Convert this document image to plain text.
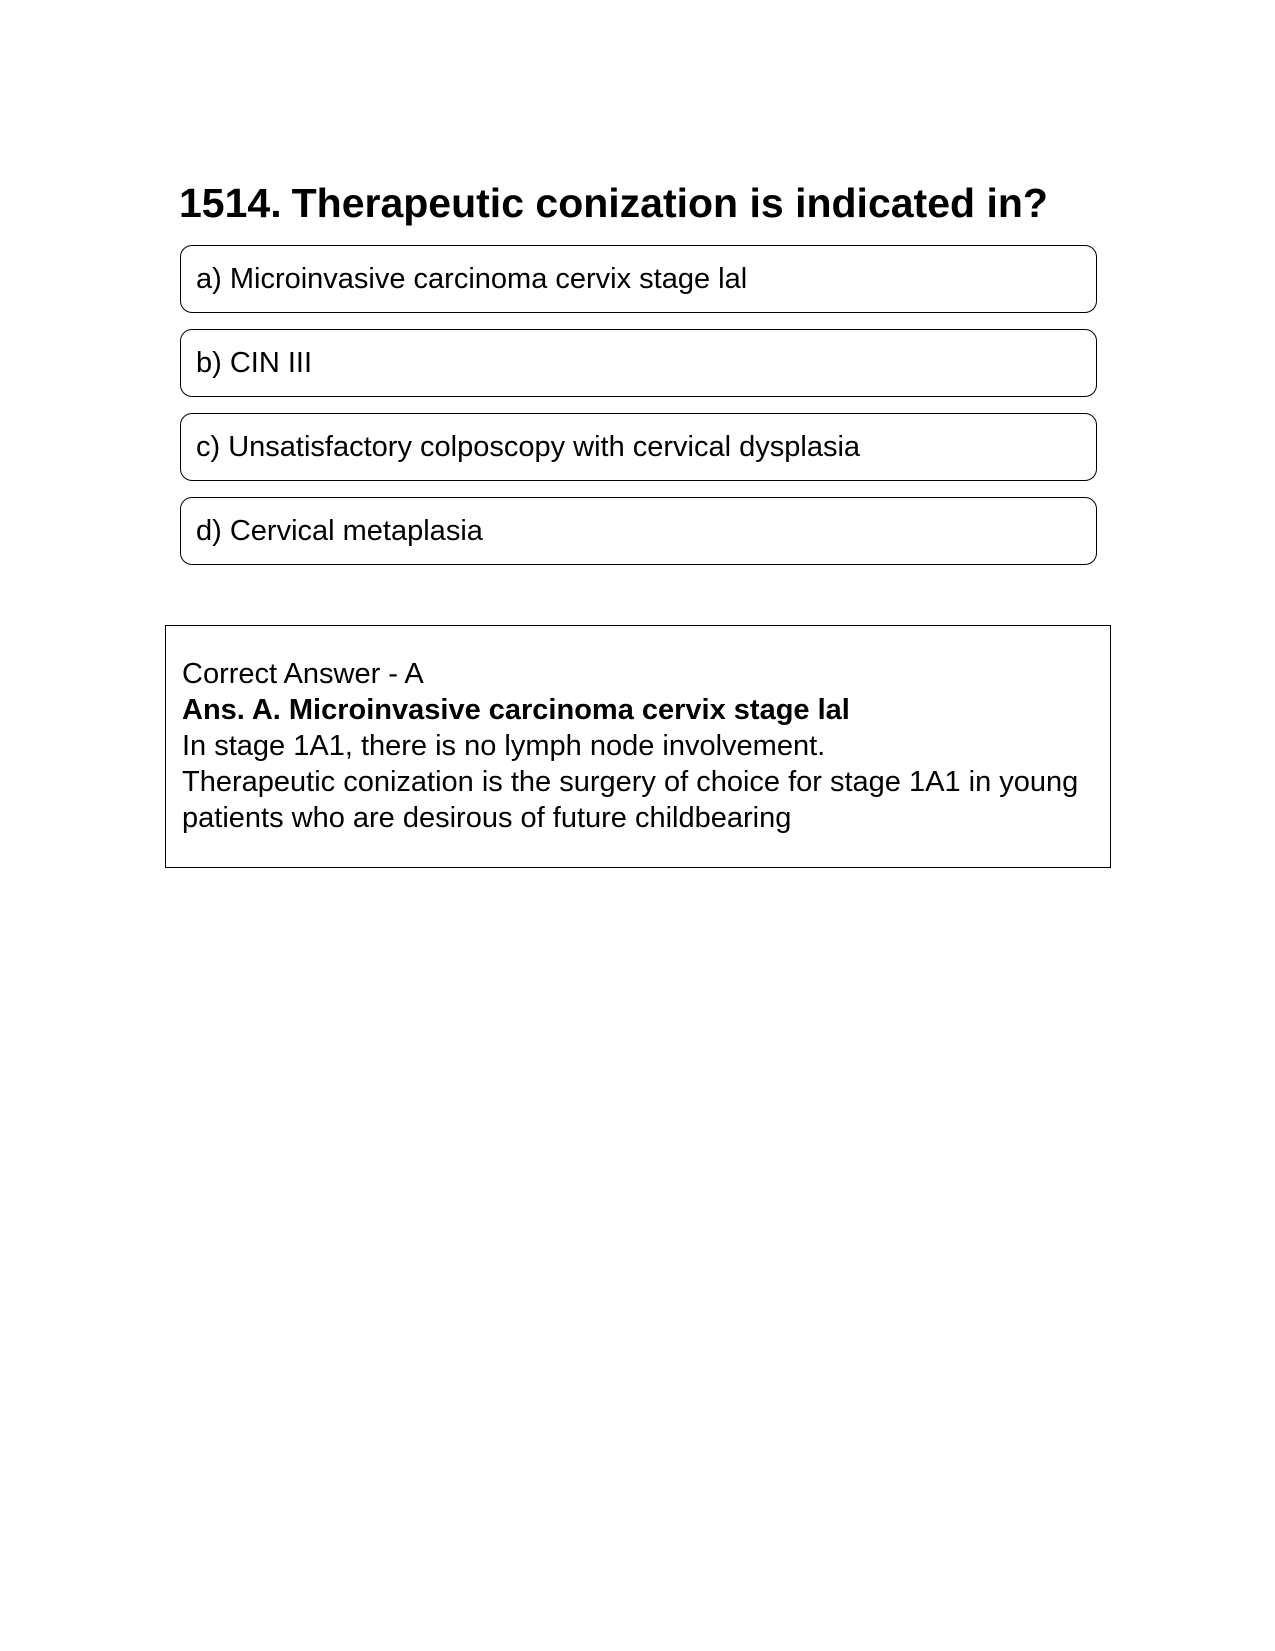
1514. Therapeutic conization is indicated in?
a) Microinvasive carcinoma cervix stage lal
b) CIN III
c) Unsatisfactory colposcopy with cervical dysplasia
d) Cervical metaplasia
Correct Answer - A
Ans. A. Microinvasive carcinoma cervix stage lal
In stage 1A1, there is no lymph node involvement.
Therapeutic conization is the surgery of choice for stage 1A1 in young patients who are desirous of future childbearing
